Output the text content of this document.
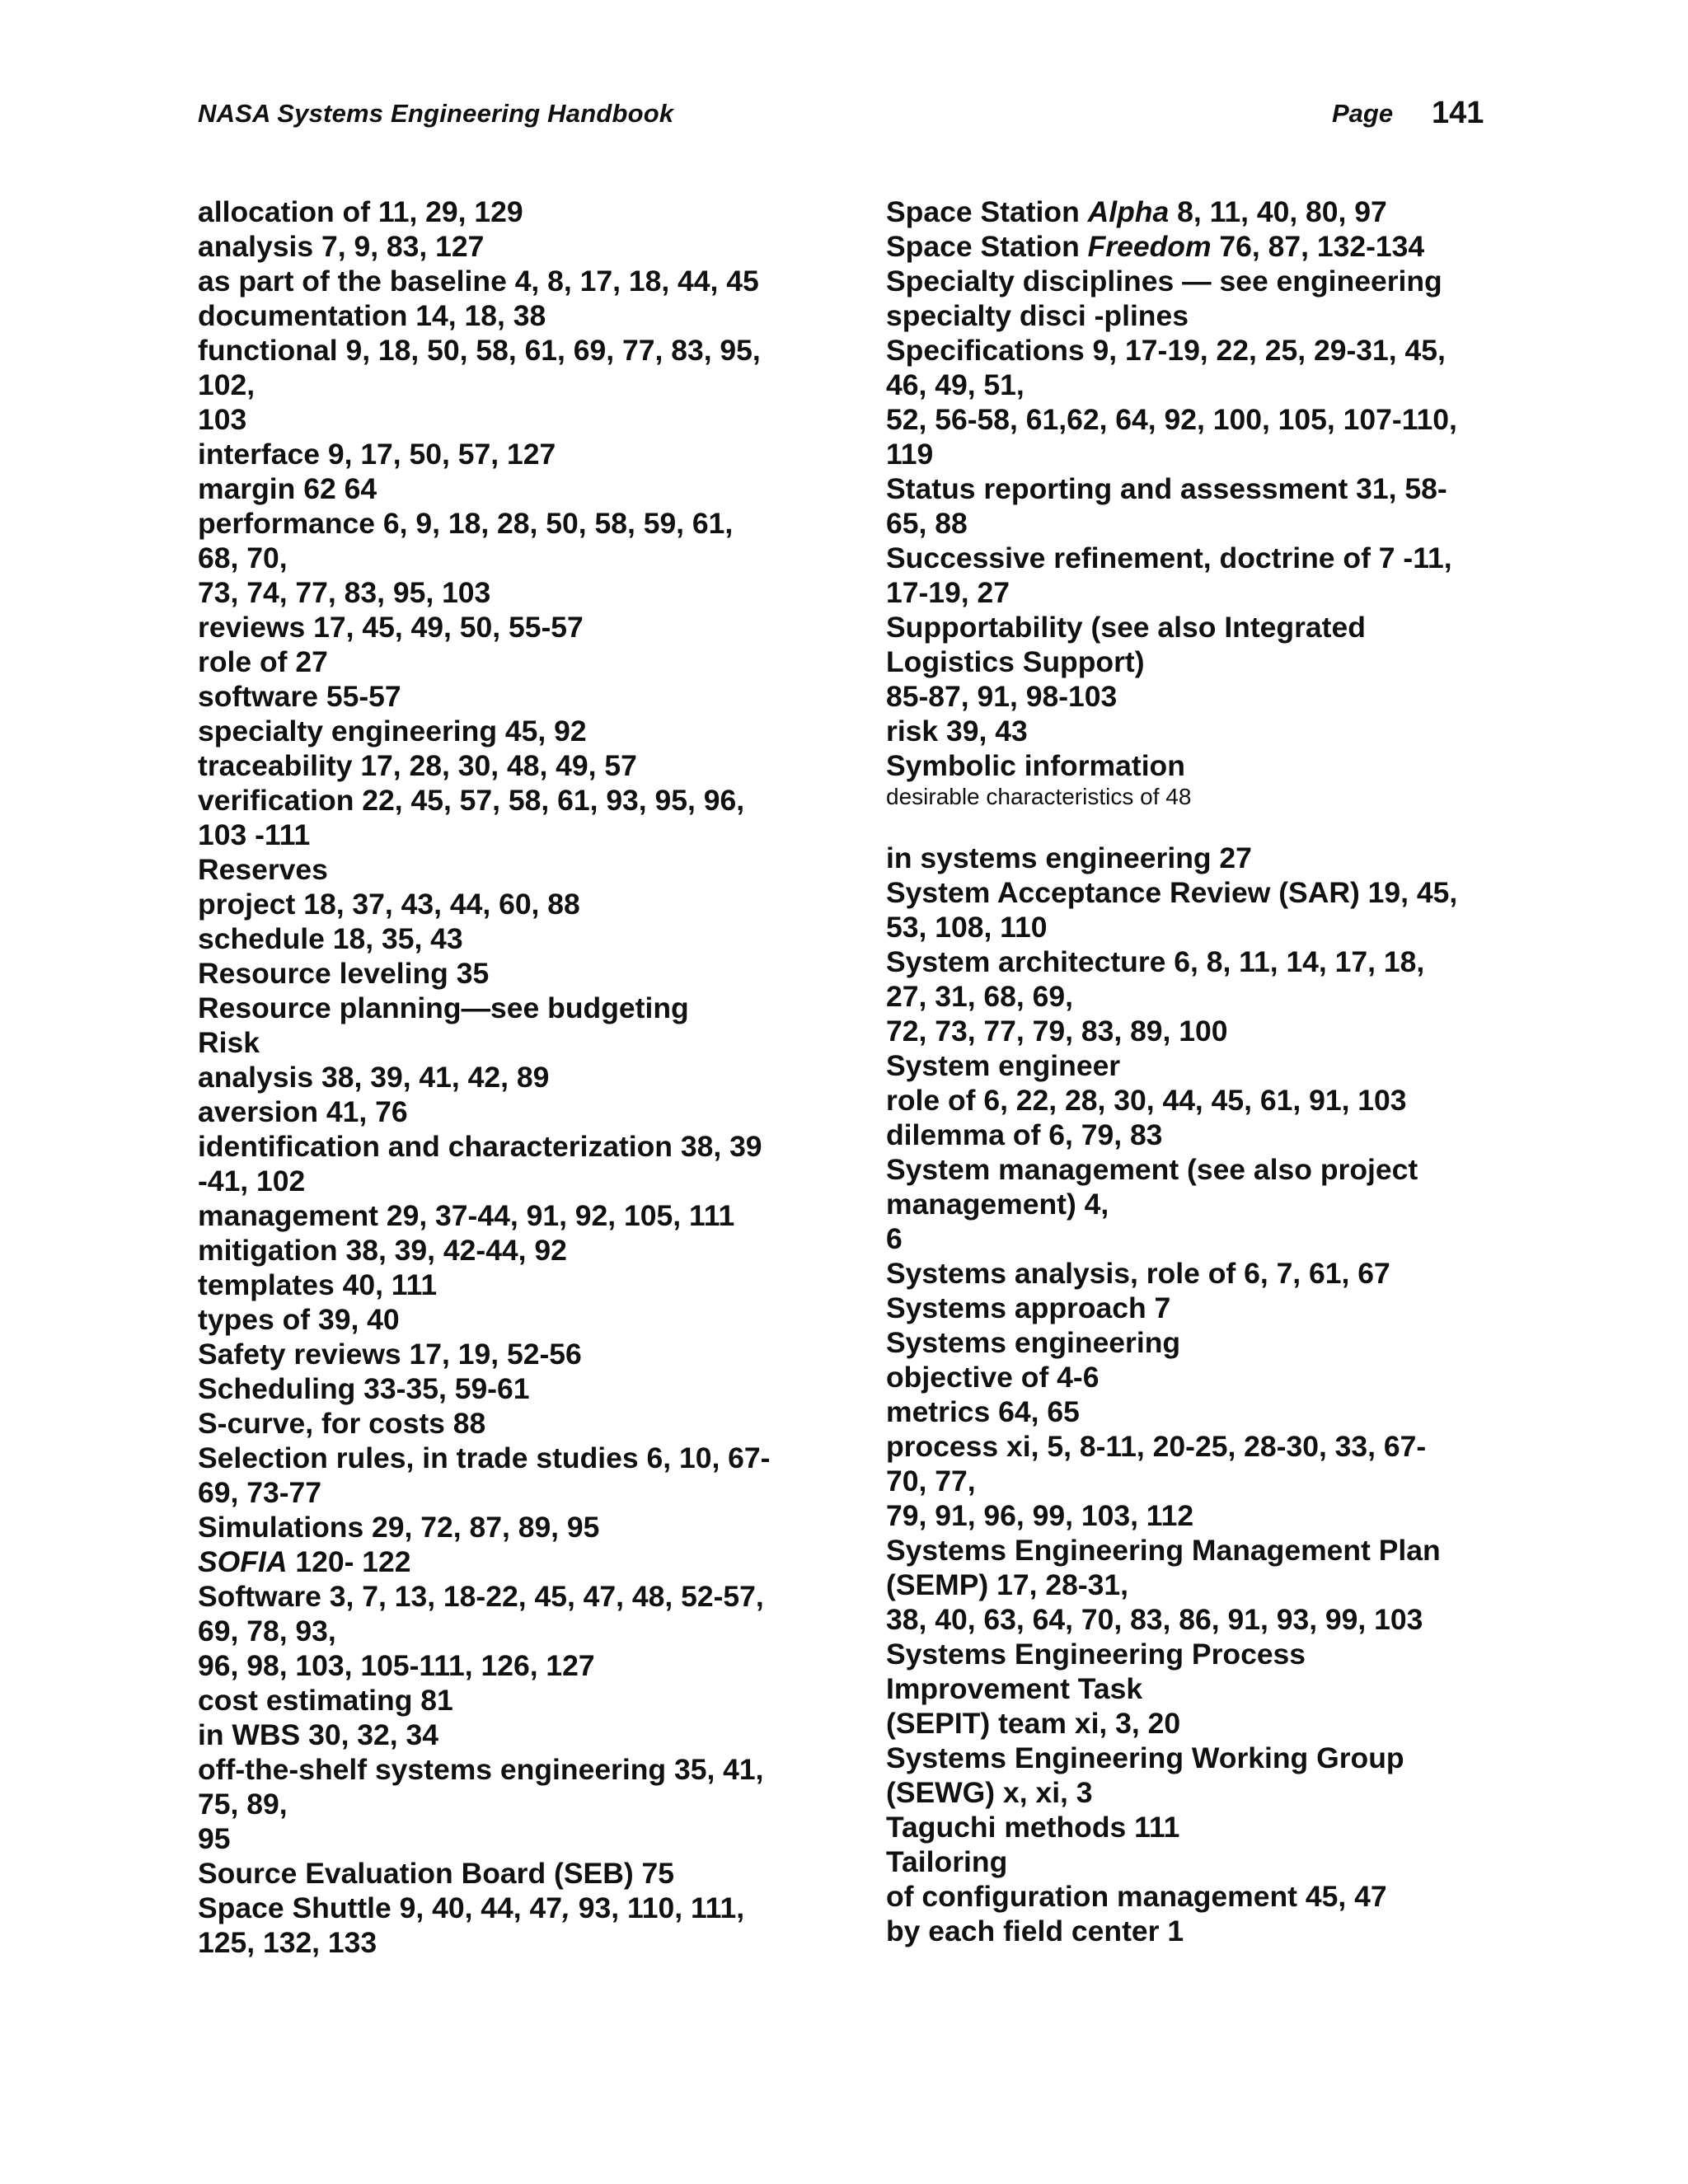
NASA Systems Engineering Handbook	Page 141
allocation of 11, 29, 129
analysis 7, 9, 83, 127
as part of the baseline 4, 8, 17, 18, 44, 45
documentation 14, 18, 38
functional 9, 18, 50, 58, 61, 69, 77, 83, 95,
102,
103
interface 9, 17, 50, 57, 127
margin 62 64
performance 6, 9, 18, 28, 50, 58, 59, 61,
68, 70,
73, 74, 77, 83, 95, 103
reviews 17, 45, 49, 50, 55-57
role of 27
software 55-57
specialty engineering 45, 92
traceability 17, 28, 30, 48, 49, 57
verification 22, 45, 57, 58, 61, 93, 95, 96,
103 -111
Reserves
project 18, 37, 43, 44, 60, 88
schedule 18, 35, 43
Resource leveling 35
Resource planning—see budgeting
Risk
analysis 38, 39, 41, 42, 89
aversion 41, 76
identification and characterization 38, 39
-41, 102
management 29, 37-44, 91, 92, 105, 111
mitigation 38, 39, 42-44, 92
templates 40, 111
types of 39, 40
Safety reviews 17, 19, 52-56
Scheduling 33-35, 59-61
S-curve, for costs 88
Selection rules, in trade studies 6, 10, 67-
69, 73-77
Simulations 29, 72, 87, 89, 95
SOFIA 120- 122
Software 3, 7, 13, 18-22, 45, 47, 48, 52-57,
69, 78, 93,
96, 98, 103, 105-111, 126, 127
cost estimating 81
in WBS 30, 32, 34
off-the-shelf systems engineering 35, 41,
75, 89,
95
Source Evaluation Board (SEB) 75
Space Shuttle 9, 40, 44, 47, 93, 110, 111,
125, 132, 133
Space Station Alpha 8, 11, 40, 80, 97
Space Station Freedom 76, 87, 132-134
Specialty disciplines — see engineering
specialty disci -plines
Specifications 9, 17-19, 22, 25, 29-31, 45,
46, 49, 51,
52, 56-58, 61,62, 64, 92, 100, 105, 107-110,
119
Status reporting and assessment 31, 58-
65, 88
Successive refinement, doctrine of 7 -11,
17-19, 27
Supportability (see also Integrated
Logistics Support)
85-87, 91, 98-103
risk 39, 43
Symbolic information
desirable characteristics of 48
in systems engineering 27
System Acceptance Review (SAR) 19, 45,
53, 108, 110
System architecture 6, 8, 11, 14, 17, 18,
27, 31, 68, 69,
72, 73, 77, 79, 83, 89, 100
System engineer
role of 6, 22, 28, 30, 44, 45, 61, 91, 103
dilemma of 6, 79, 83
System management (see also project
management) 4,
6
Systems analysis, role of 6, 7, 61, 67
Systems approach 7
Systems engineering
objective of 4-6
metrics 64, 65
process xi, 5, 8-11, 20-25, 28-30, 33, 67-
70, 77,
79, 91, 96, 99, 103, 112
Systems Engineering Management Plan
(SEMP) 17, 28-31,
38, 40, 63, 64, 70, 83, 86, 91, 93, 99, 103
Systems Engineering Process
Improvement Task
(SEPIT) team xi, 3, 20
Systems Engineering Working Group
(SEWG) x, xi, 3
Taguchi methods 111
Tailoring
of configuration management 45, 47
by each field center 1
